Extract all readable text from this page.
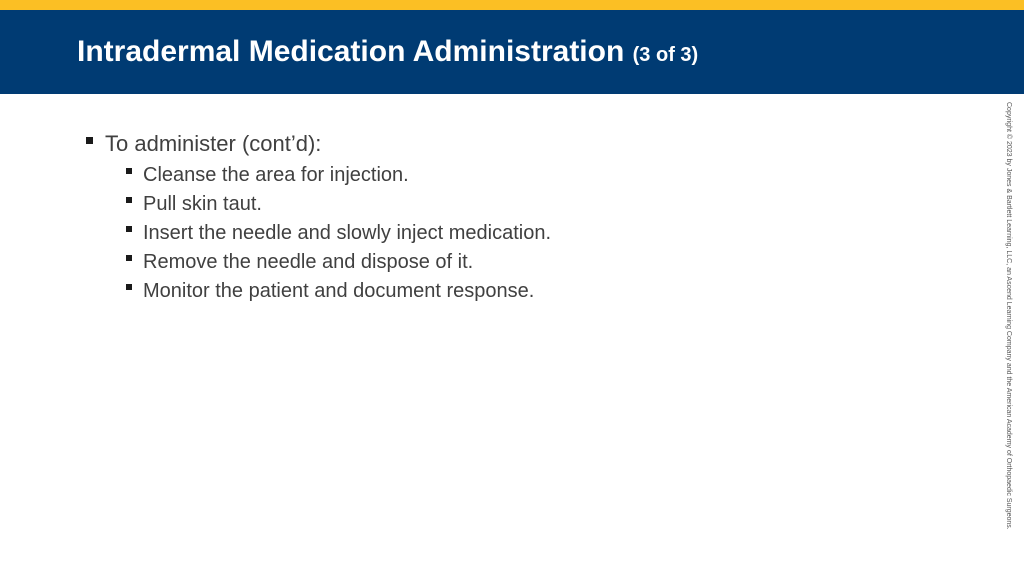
Intradermal Medication Administration (3 of 3)
To administer (cont’d):
Cleanse the area for injection.
Pull skin taut.
Insert the needle and slowly inject medication.
Remove the needle and dispose of it.
Monitor the patient and document response.	Copyright © 2023 by Jones & Bartlett Learning, LLC, an Ascend Learning Company and the American Academy of Orthopaedic Surgeons.
